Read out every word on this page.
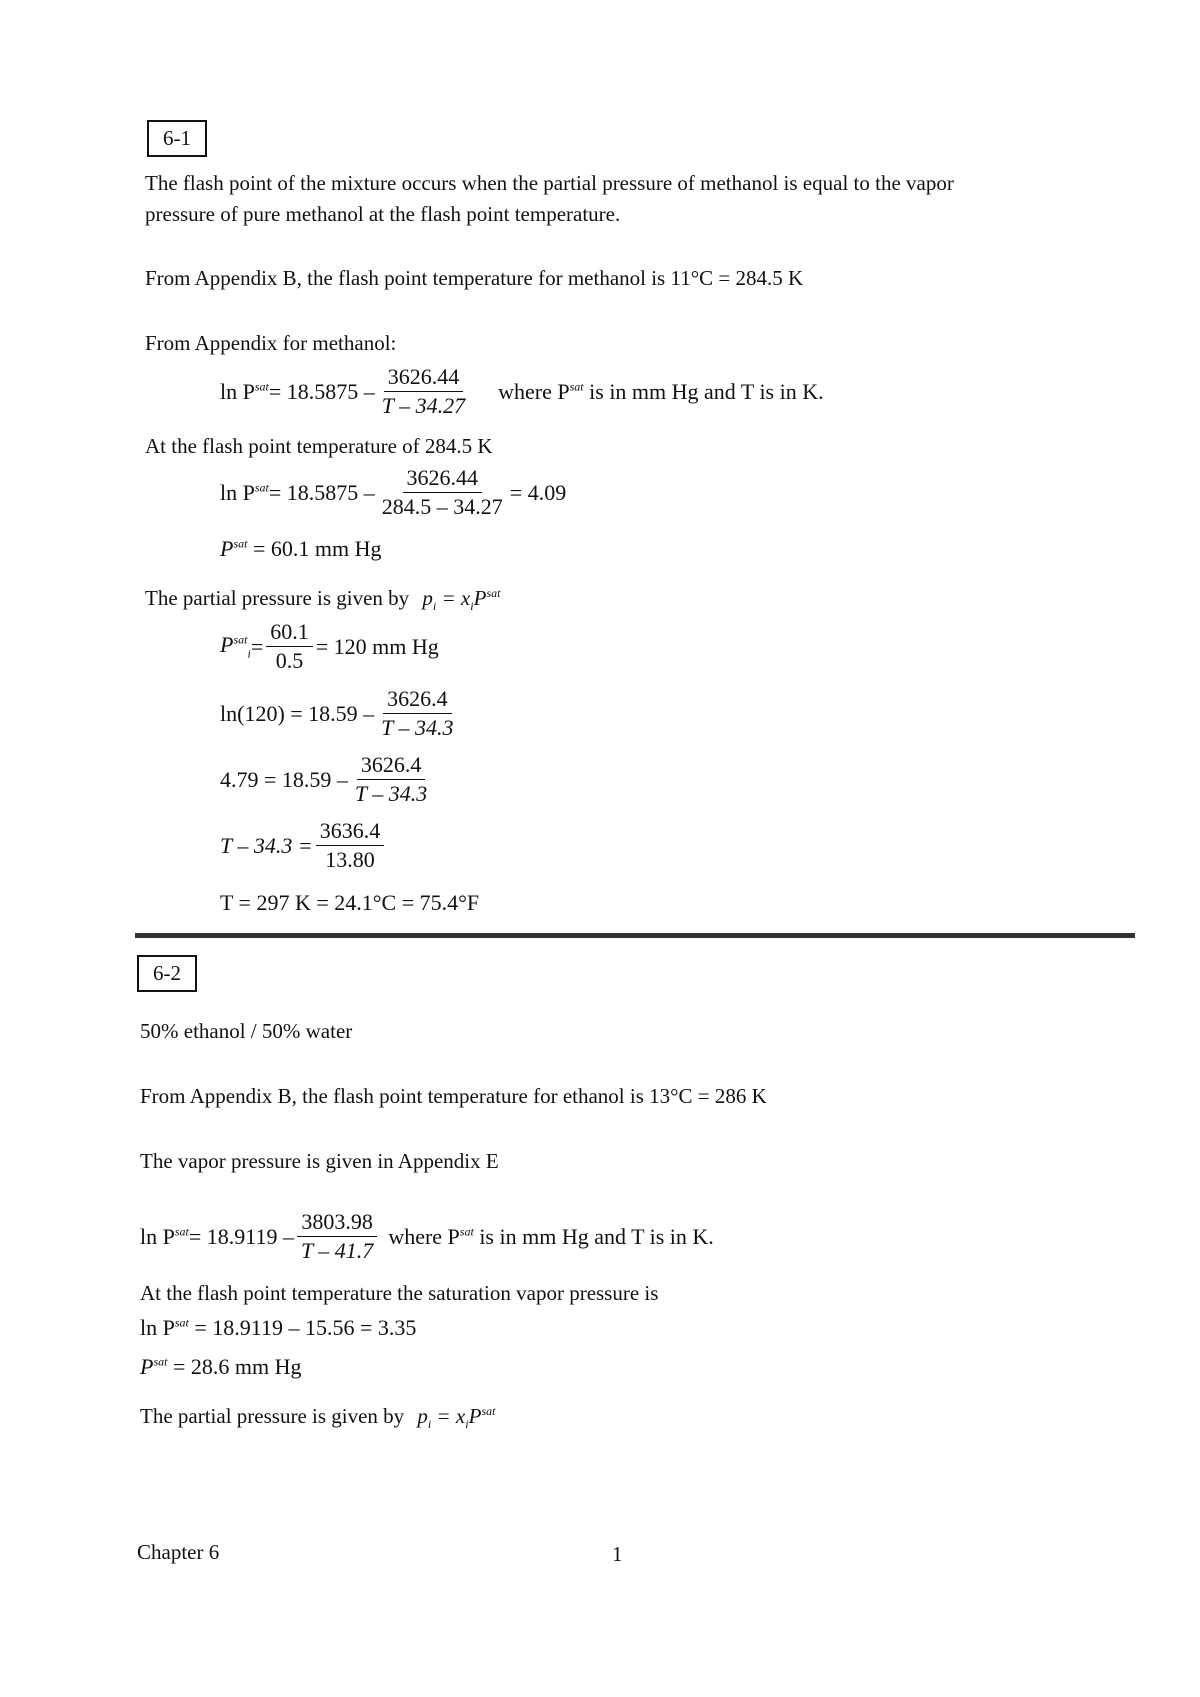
6-1
The flash point of the mixture occurs when the partial pressure of methanol is equal to the vapor
pressure of pure methanol at the flash point temperature.
From Appendix B, the flash point temperature for methanol is 11°C = 284.5 K
From Appendix for methanol:
$\ln P^{sat} = 18.5875 - \frac{3626.44}{T - 34.27}$ where $P^{sat}$ is in mm Hg and T is in K.
At the flash point temperature of 284.5 K
$\ln P^{sat} = 18.5875 - \frac{3626.44}{284.5 - 34.27} = 4.09$
$P^{sat} = 60.1$ mm Hg
The partial pressure is given by $p_i = x_iP^{sat}$
$P^{sat}_i = \frac{60.1}{0.5} = 120$ mm Hg
$\ln(120) = 18.59 - \frac{3626.4}{T - 34.3}$
$4.79 = 18.59 - \frac{3626.4}{T - 34.3}$
$T - 34.3 = \frac{3636.4}{13.80}$
T = 297 K = 24.1°C = 75.4°F
6-2
50% ethanol / 50% water
From Appendix B, the flash point temperature for ethanol is 13°C = 286 K
The vapor pressure is given in Appendix E
$\ln P^{sat} = 18.9119 - \frac{3803.98}{T - 41.7}$ where $P^{sat}$ is in mm Hg and T is in K.
At the flash point temperature the saturation vapor pressure is
$\ln P^{sat} = 18.9119 - 15.56 = 3.35$
$P^{sat} = 28.6$ mm Hg
The partial pressure is given by $p_i = x_iP^{sat}$
Chapter 6	1
